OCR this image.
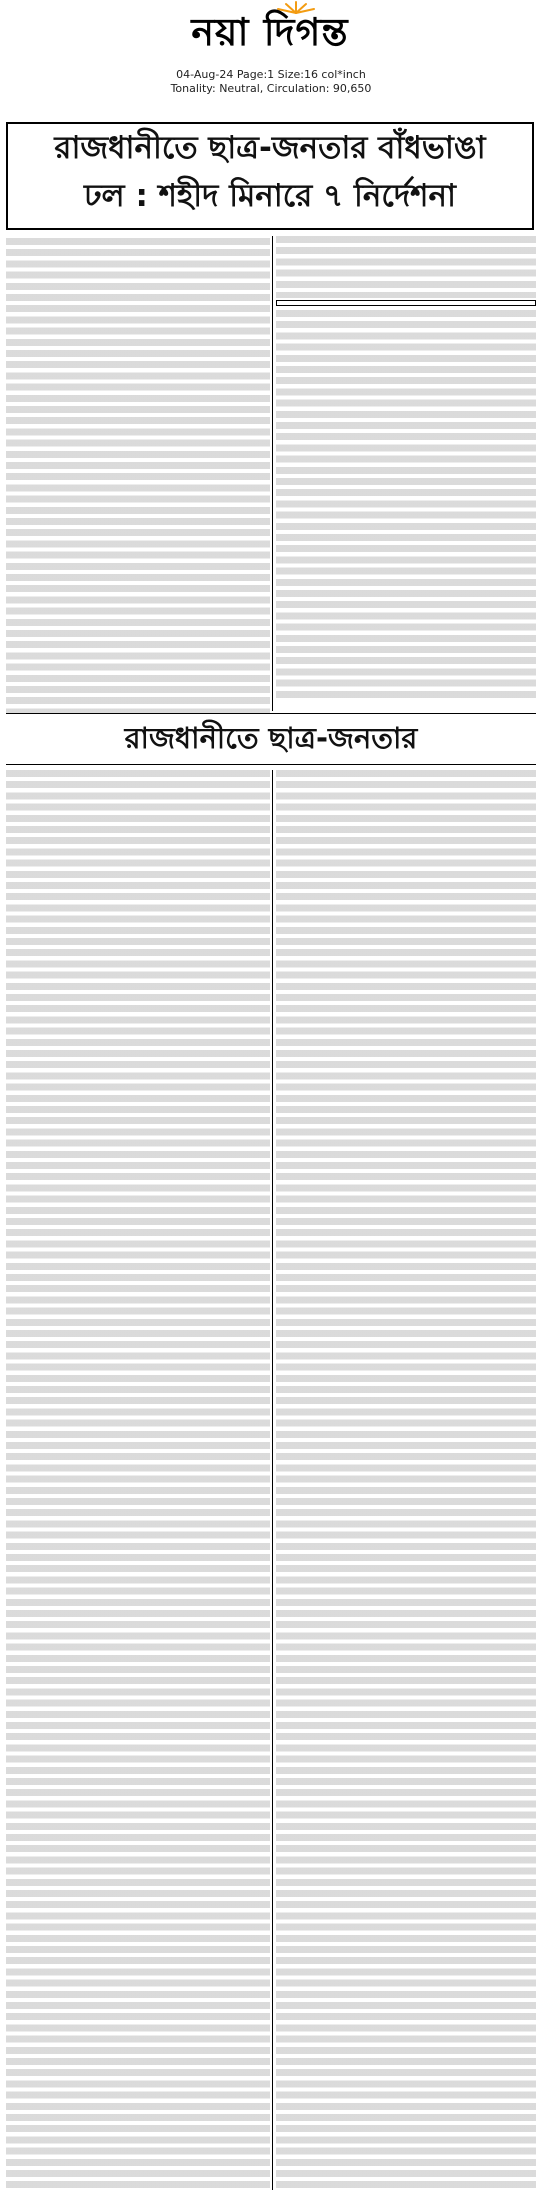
নয়া দিগন্ত
04-Aug-24 Page:1 Size:16 col*inch
Tonality: Neutral, Circulation: 90,650
রাজধানীতে ছাত্র-জনতার বাঁধভাঙা
ঢল : শহীদ মিনারে ৭ নির্দেশনা
রাজধানীতে ছাত্র-জনতার
